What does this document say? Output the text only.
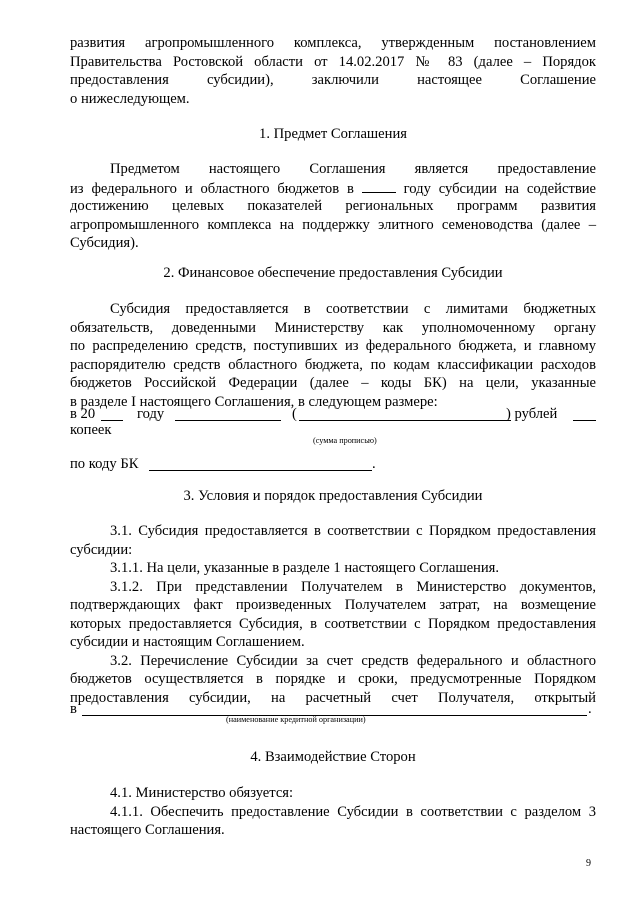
развития агропромышленного комплекса, утвержденным постановлением

Правительства Ростовской области от 14.02.2017 № 83 (далее – Порядок

предоставления субсидии), заключили настоящее Соглашение

о нижеследующем.

1. Предмет Соглашения

Предметом настоящего Соглашения является предоставление

из федерального и областного бюджетов в	году субсидии на содействие

достижению целевых показателей региональных программ развития

агропромышленного комплекса на поддержку элитного семеноводства (далее –

Субсидия).

2. Финансовое обеспечение предоставления Субсидии

Субсидия предоставляется в соответствии с лимитами бюджетных

обязательств, доведенными Министерству как уполномоченному органу

по распределению средств, поступивших из федерального бюджета, и главному

распорядителю средств областного бюджета, по кодам классификации расходов

бюджетов Российской Федерации (далее – коды БК) на цели, указанные

в разделе I настоящего Соглашения, в следующем размере:

в 20	году	(	) рублей

копеек

(сумма прописью)
по коду БК	.

3. Условия и порядок предоставления Субсидии

3.1. Субсидия предоставляется в соответствии с Порядком предоставления

субсидии:

3.1.1. На цели, указанные в разделе 1 настоящего Соглашения.

3.1.2. При представлении Получателем в Министерство документов,

подтверждающих факт произведенных Получателем затрат, на возмещение

которых предоставляется Субсидия, в соответствии с Порядком предоставления

субсидии и настоящим Соглашением.

3.2. Перечисление Субсидии за счет средств федерального и областного

бюджетов осуществляется в порядке и сроки, предусмотренные Порядком

предоставления субсидии, на расчетный счет Получателя, открытый

в	.
(наименование кредитной организации)

4. Взаимодействие Сторон

4.1. Министерство обязуется:

4.1.1. Обеспечить предоставление Субсидии в соответствии с разделом 3

настоящего Соглашения.

9
